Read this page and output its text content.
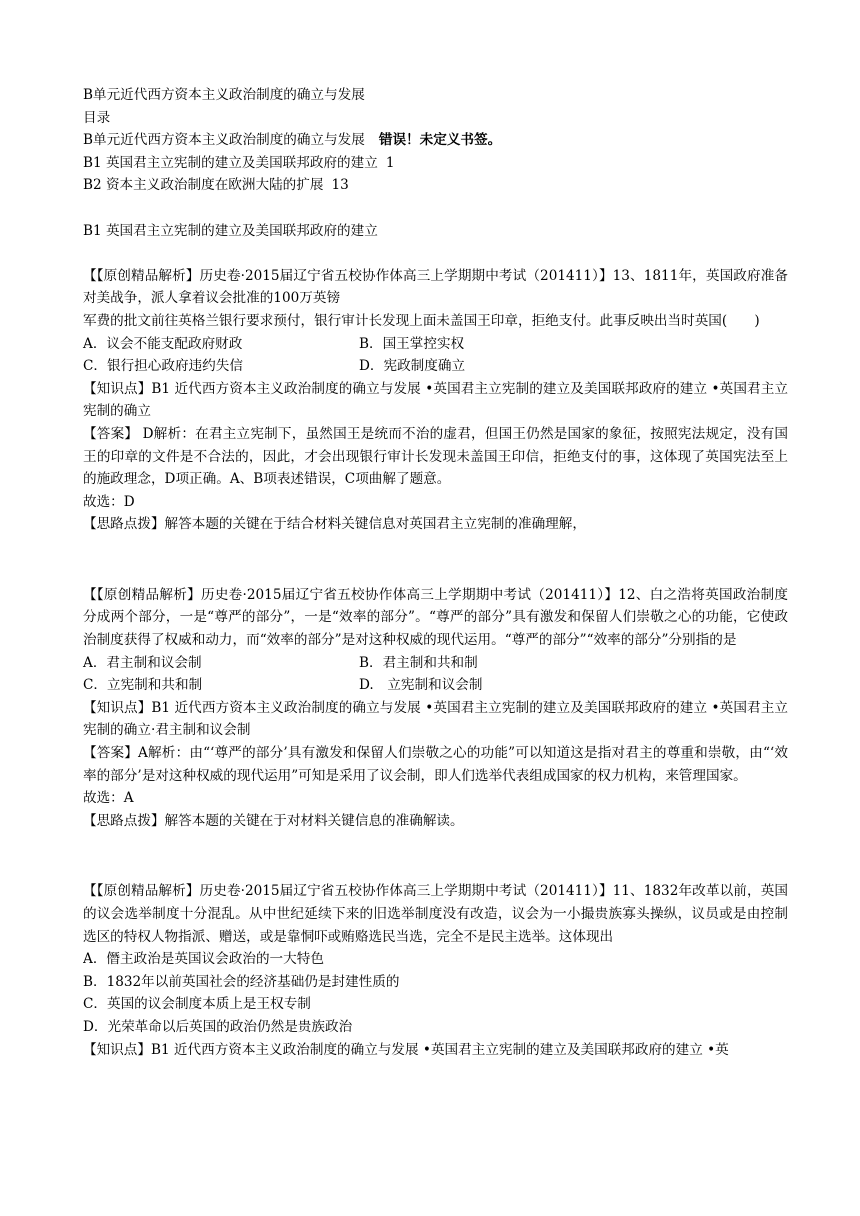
B单元近代西方资本主义政治制度的确立与发展
目录
B单元近代西方资本主义政治制度的确立与发展 错误！未定义书签。
B1 英国君主立宪制的建立及美国联邦政府的建立 1
B2 资本主义政治制度在欧洲大陆的扩展 13
B1 英国君主立宪制的建立及美国联邦政府的建立
【【原创精品解析】历史卷·2015届辽宁省五校协作体高三上学期期中考试（201411）】13、1811年，英国政府准备对美战争，派人拿着议会批准的100万英镑
军费的批文前往英格兰银行要求预付，银行审计长发现上面未盖国王印章，拒绝支付。此事反映出当时英国(　　)
A．议会不能支配政府财政	B．国王掌控实权
C．银行担心政府违约失信	D．宪政制度确立
【知识点】B1 近代西方资本主义政治制度的确立与发展 •英国君主立宪制的建立及美国联邦政府的建立 •英国君主立宪制的确立
【答案】 D解析：在君主立宪制下，虽然国王是统而不治的虚君，但国王仍然是国家的象征，按照宪法规定，没有国王的印章的文件是不合法的，因此，才会出现银行审计长发现未盖国王印信，拒绝支付的事，这体现了英国宪法至上的施政理念，D项正确。A、B项表述错误，C项曲解了题意。
故选：D
【思路点拨】解答本题的关键在于结合材料关键信息对英国君主立宪制的准确理解，
【【原创精品解析】历史卷·2015届辽宁省五校协作体高三上学期期中考试（201411）】12、白之浩将英国政治制度分成两个部分，一是“尊严的部分”，一是“效率的部分”。“尊严的部分”具有激发和保留人们崇敬之心的功能，它使政治制度获得了权威和动力，而“效率的部分”是对这种权威的现代运用。“尊严的部分”“效率的部分”分别指的是
A．君主制和议会制	B．君主制和共和制
C．立宪制和共和制	D.　立宪制和议会制
【知识点】B1 近代西方资本主义政治制度的确立与发展 •英国君主立宪制的建立及美国联邦政府的建立 •英国君主立宪制的确立·君主制和议会制
【答案】A解析：由“‘尊严的部分’具有激发和保留人们崇敬之心的功能”可以知道这是指对君主的尊重和崇敬，由“‘效率的部分’是对这种权威的现代运用”可知是采用了议会制，即人们选举代表组成国家的权力机构，来管理国家。
故选：A
【思路点拨】解答本题的关键在于对材料关键信息的准确解读。
【【原创精品解析】历史卷·2015届辽宁省五校协作体高三上学期期中考试（201411）】11、1832年改革以前，英国的议会选举制度十分混乱。从中世纪延续下来的旧选举制度没有改造，议会为一小撮贵族寡头操纵，议员或是由控制选区的特权人物指派、赠送，或是靠恫吓或贿赂选民当选，完全不是民主选举。这体现出
A．僭主政治是英国议会政治的一大特色
B．1832年以前英国社会的经济基础仍是封建性质的
C．英国的议会制度本质上是王权专制
D．光荣革命以后英国的政治仍然是贵族政治
【知识点】B1 近代西方资本主义政治制度的确立与发展 •英国君主立宪制的建立及美国联邦政府的建立 •英
